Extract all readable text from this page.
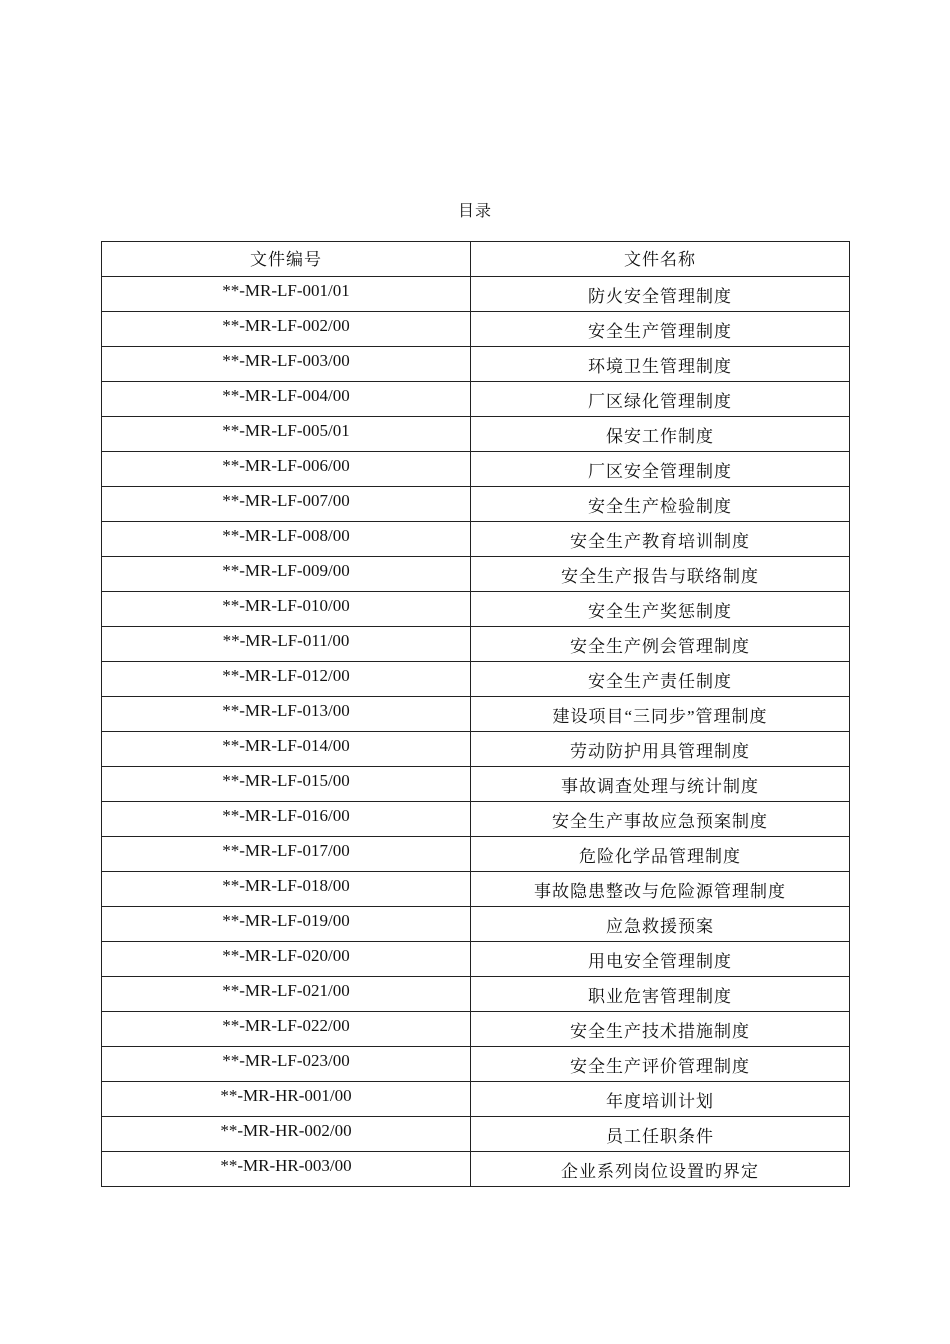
目录
文件编号	文件名称
**-MR-LF-001/01	防火安全管理制度
**-MR-LF-002/00	安全生产管理制度
**-MR-LF-003/00	环境卫生管理制度
**-MR-LF-004/00	厂区绿化管理制度
**-MR-LF-005/01	保安工作制度
**-MR-LF-006/00	厂区安全管理制度
**-MR-LF-007/00	安全生产检验制度
**-MR-LF-008/00	安全生产教育培训制度
**-MR-LF-009/00	安全生产报告与联络制度
**-MR-LF-010/00	安全生产奖惩制度
**-MR-LF-011/00	安全生产例会管理制度
**-MR-LF-012/00	安全生产责任制度
**-MR-LF-013/00	建设项目“三同步”管理制度
**-MR-LF-014/00	劳动防护用具管理制度
**-MR-LF-015/00	事故调查处理与统计制度
**-MR-LF-016/00	安全生产事故应急预案制度
**-MR-LF-017/00	危险化学品管理制度
**-MR-LF-018/00	事故隐患整改与危险源管理制度
**-MR-LF-019/00	应急救援预案
**-MR-LF-020/00	用电安全管理制度
**-MR-LF-021/00	职业危害管理制度
**-MR-LF-022/00	安全生产技术措施制度
**-MR-LF-023/00	安全生产评价管理制度
**-MR-HR-001/00	年度培训计划
**-MR-HR-002/00	员工任职条件
**-MR-HR-003/00	企业系列岗位设置旳界定
